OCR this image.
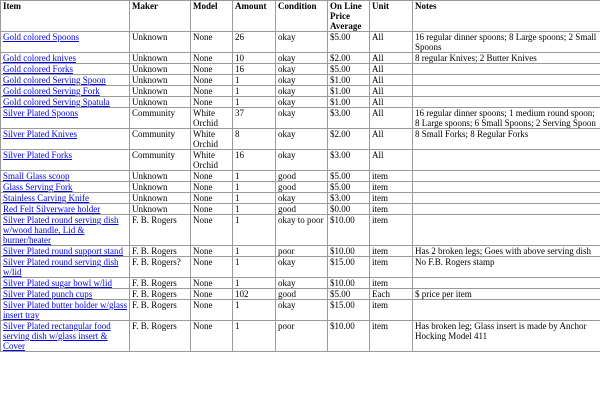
Item	Maker	Model	Amount	Condition	On Line Price Average	Unit	Notes
Gold colored Spoons	Unknown	None	26	okay	$5.00	All	16 regular dinner spoons; 8 Large spoons; 2 Small Spoons
Gold colored knives	Unknown	None	10	okay	$2.00	All	8 regular Knives; 2 Butter Knives
Gold colored Forks	Unknown	None	16	okay	$5.00	All	
Gold colored Serving Spoon	Unknown	None	1	okay	$1.00	All	
Gold colored Serving Fork	Unknown	None	1	okay	$1.00	All	
Gold colored Serving Spatula	Unknown	None	1	okay	$1.00	All	
Silver Plated Spoons	Community	White Orchid	37	okay	$3.00	All	16 regular dinner spoons; 1 medium round spoon; 8 Large spoons; 6 Small Spoons; 2 Serving Spoon
Silver Plated Knives	Community	White Orchid	8	okay	$2.00	All	8 Small Forks; 8 Regular Forks
Silver Plated Forks	Community	White Orchid	16	okay	$3.00	All	
Small Glass scoop	Unknown	None	1	good	$5.00	item	
Glass Serving Fork	Unknown	None	1	good	$5.00	item	
Stainless Carving Knife	Unknown	None	1	okay	$3.00	item	
Red Felt Silverware holder	Unknown	None	1	good	$0.00	item	
Silver Plated round serving dish w/wood handle, Lid & burner/heater	F. B. Rogers	None	1	okay to poor	$10.00	item	
Silver Plated round support stand	F. B. Rogers	None	1	poor	$10.00	item	Has 2 broken legs; Goes with above serving dish
Silver Plated round serving dish w/lid	F. B. Rogers?	None	1	okay	$15.00	item	No F.B. Rogers stamp
Silver Plated sugar bowl w/lid	F. B. Rogers	None	1	okay	$10.00	item	
Silver Plated punch cups	F. B. Rogers	None	102	good	$5.00	Each	$ price per item
Silver Plated butter holder w/glass insert tray	F. B. Rogers	None	1	okay	$15.00	item	
Silver Plated rectangular food serving dish w/glass insert & Cover	F. B. Rogers	None	1	poor	$10.00	item	Has broken leg; Glass insert is made by Anchor Hocking Model 411
